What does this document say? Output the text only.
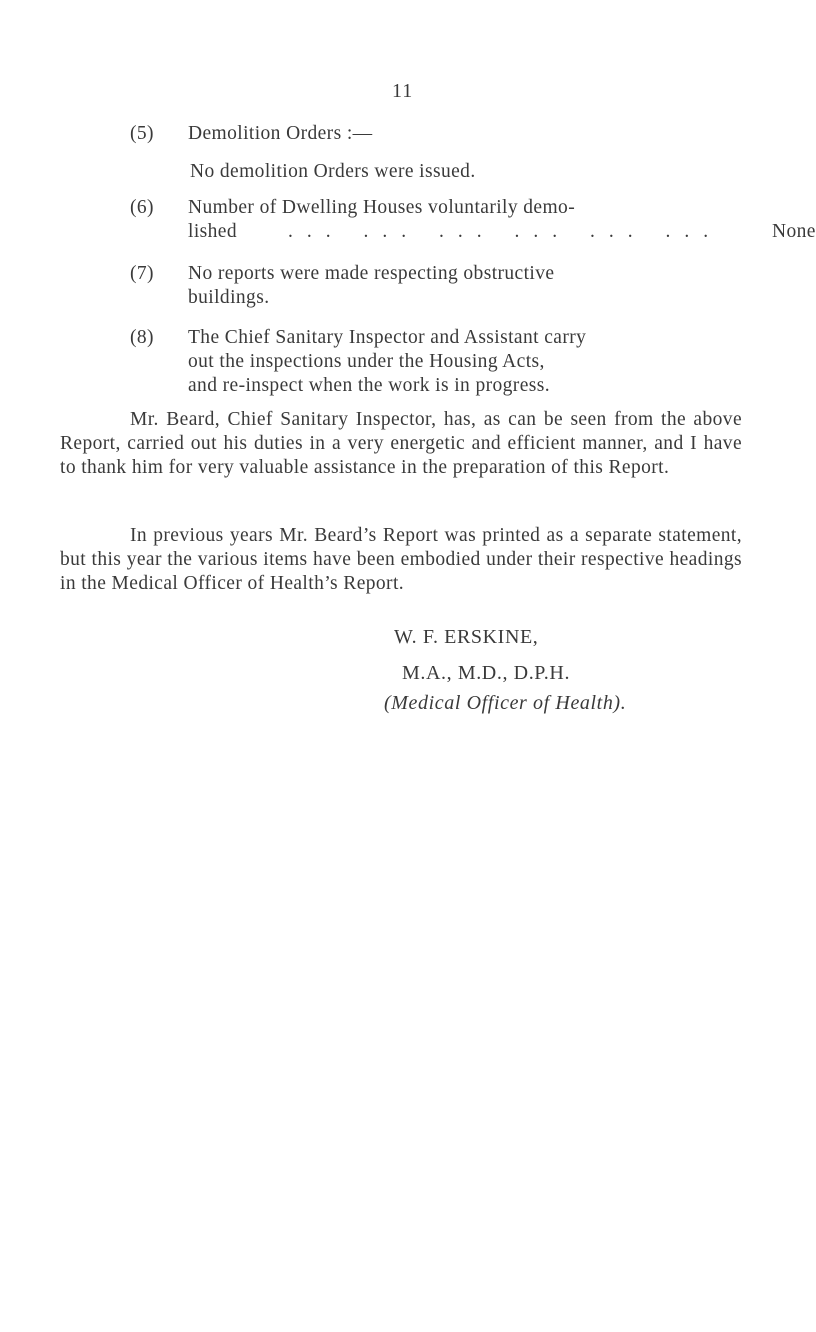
11
(5) Demolition Orders :—
No demolition Orders were issued.
(6) Number of Dwelling Houses voluntarily demo-
lished	... ... ... ... ... ...	None

(7) No reports were made respecting obstructive
buildings.
(8) The Chief Sanitary Inspector and Assistant carry
out the inspections under the Housing Acts,
and re-inspect when the work is in progress.
Mr. Beard, Chief Sanitary Inspector, has, as can be seen from the above Report, carried out his duties in a very energetic and efficient manner, and I have to thank him for very valuable assistance in the preparation of this Report.
In previous years Mr. Beard’s Report was printed as a separate statement, but this year the various items have been embodied under their respective headings in the Medical Officer of Health’s Report.
W. F. ERSKINE,
M.A., M.D., D.P.H.
(Medical Officer of Health).
